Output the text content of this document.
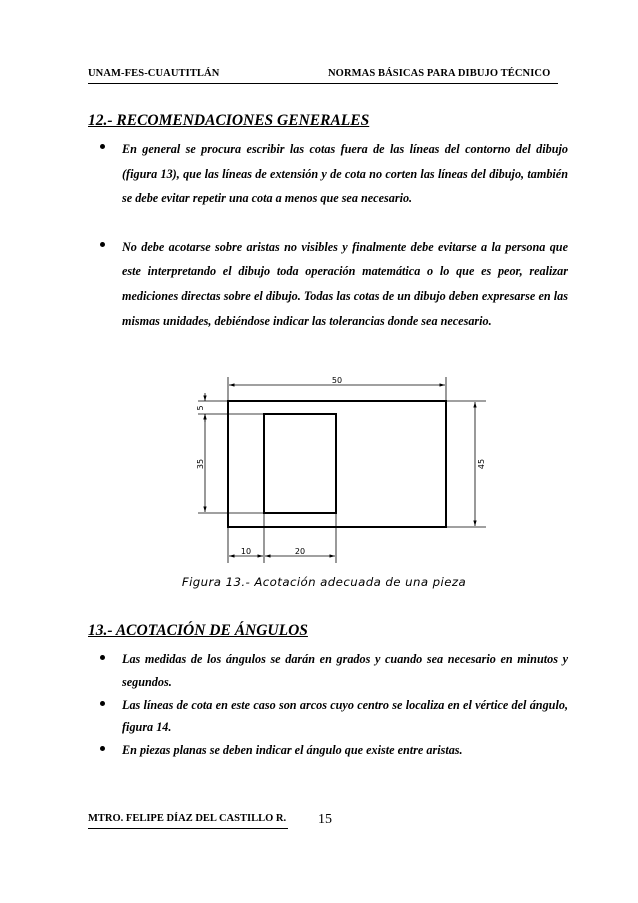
UNAM-FES-CUAUTITLÁN	NORMAS BÁSICAS PARA DIBUJO TÉCNICO
12.- RECOMENDACIONES GENERALES
En general se procura escribir las cotas fuera de las líneas del contorno del dibujo (figura 13), que las líneas de extensión y de cota no corten las líneas del dibujo, también se debe evitar repetir una cota a menos que sea necesario.
No debe acotarse sobre aristas no visibles y finalmente debe evitarse a la persona que este interpretando el dibujo toda operación matemática o lo que es peor, realizar mediciones directas sobre el dibujo. Todas las cotas de un dibujo deben expresarse en las mismas unidades, debiéndose indicar las tolerancias donde sea necesario.
50
45
35
5
10	20
Figura 13.- Acotación adecuada de una pieza
13.- ACOTACIÓN DE ÁNGULOS
Las medidas de los ángulos se darán en grados y cuando sea necesario en minutos y segundos.
Las líneas de cota en este caso son arcos cuyo centro se localiza en el vértice del ángulo, figura 14.
En piezas planas se deben indicar el ángulo que existe entre aristas.
MTRO. FELIPE DÍAZ DEL CASTILLO R. 15
